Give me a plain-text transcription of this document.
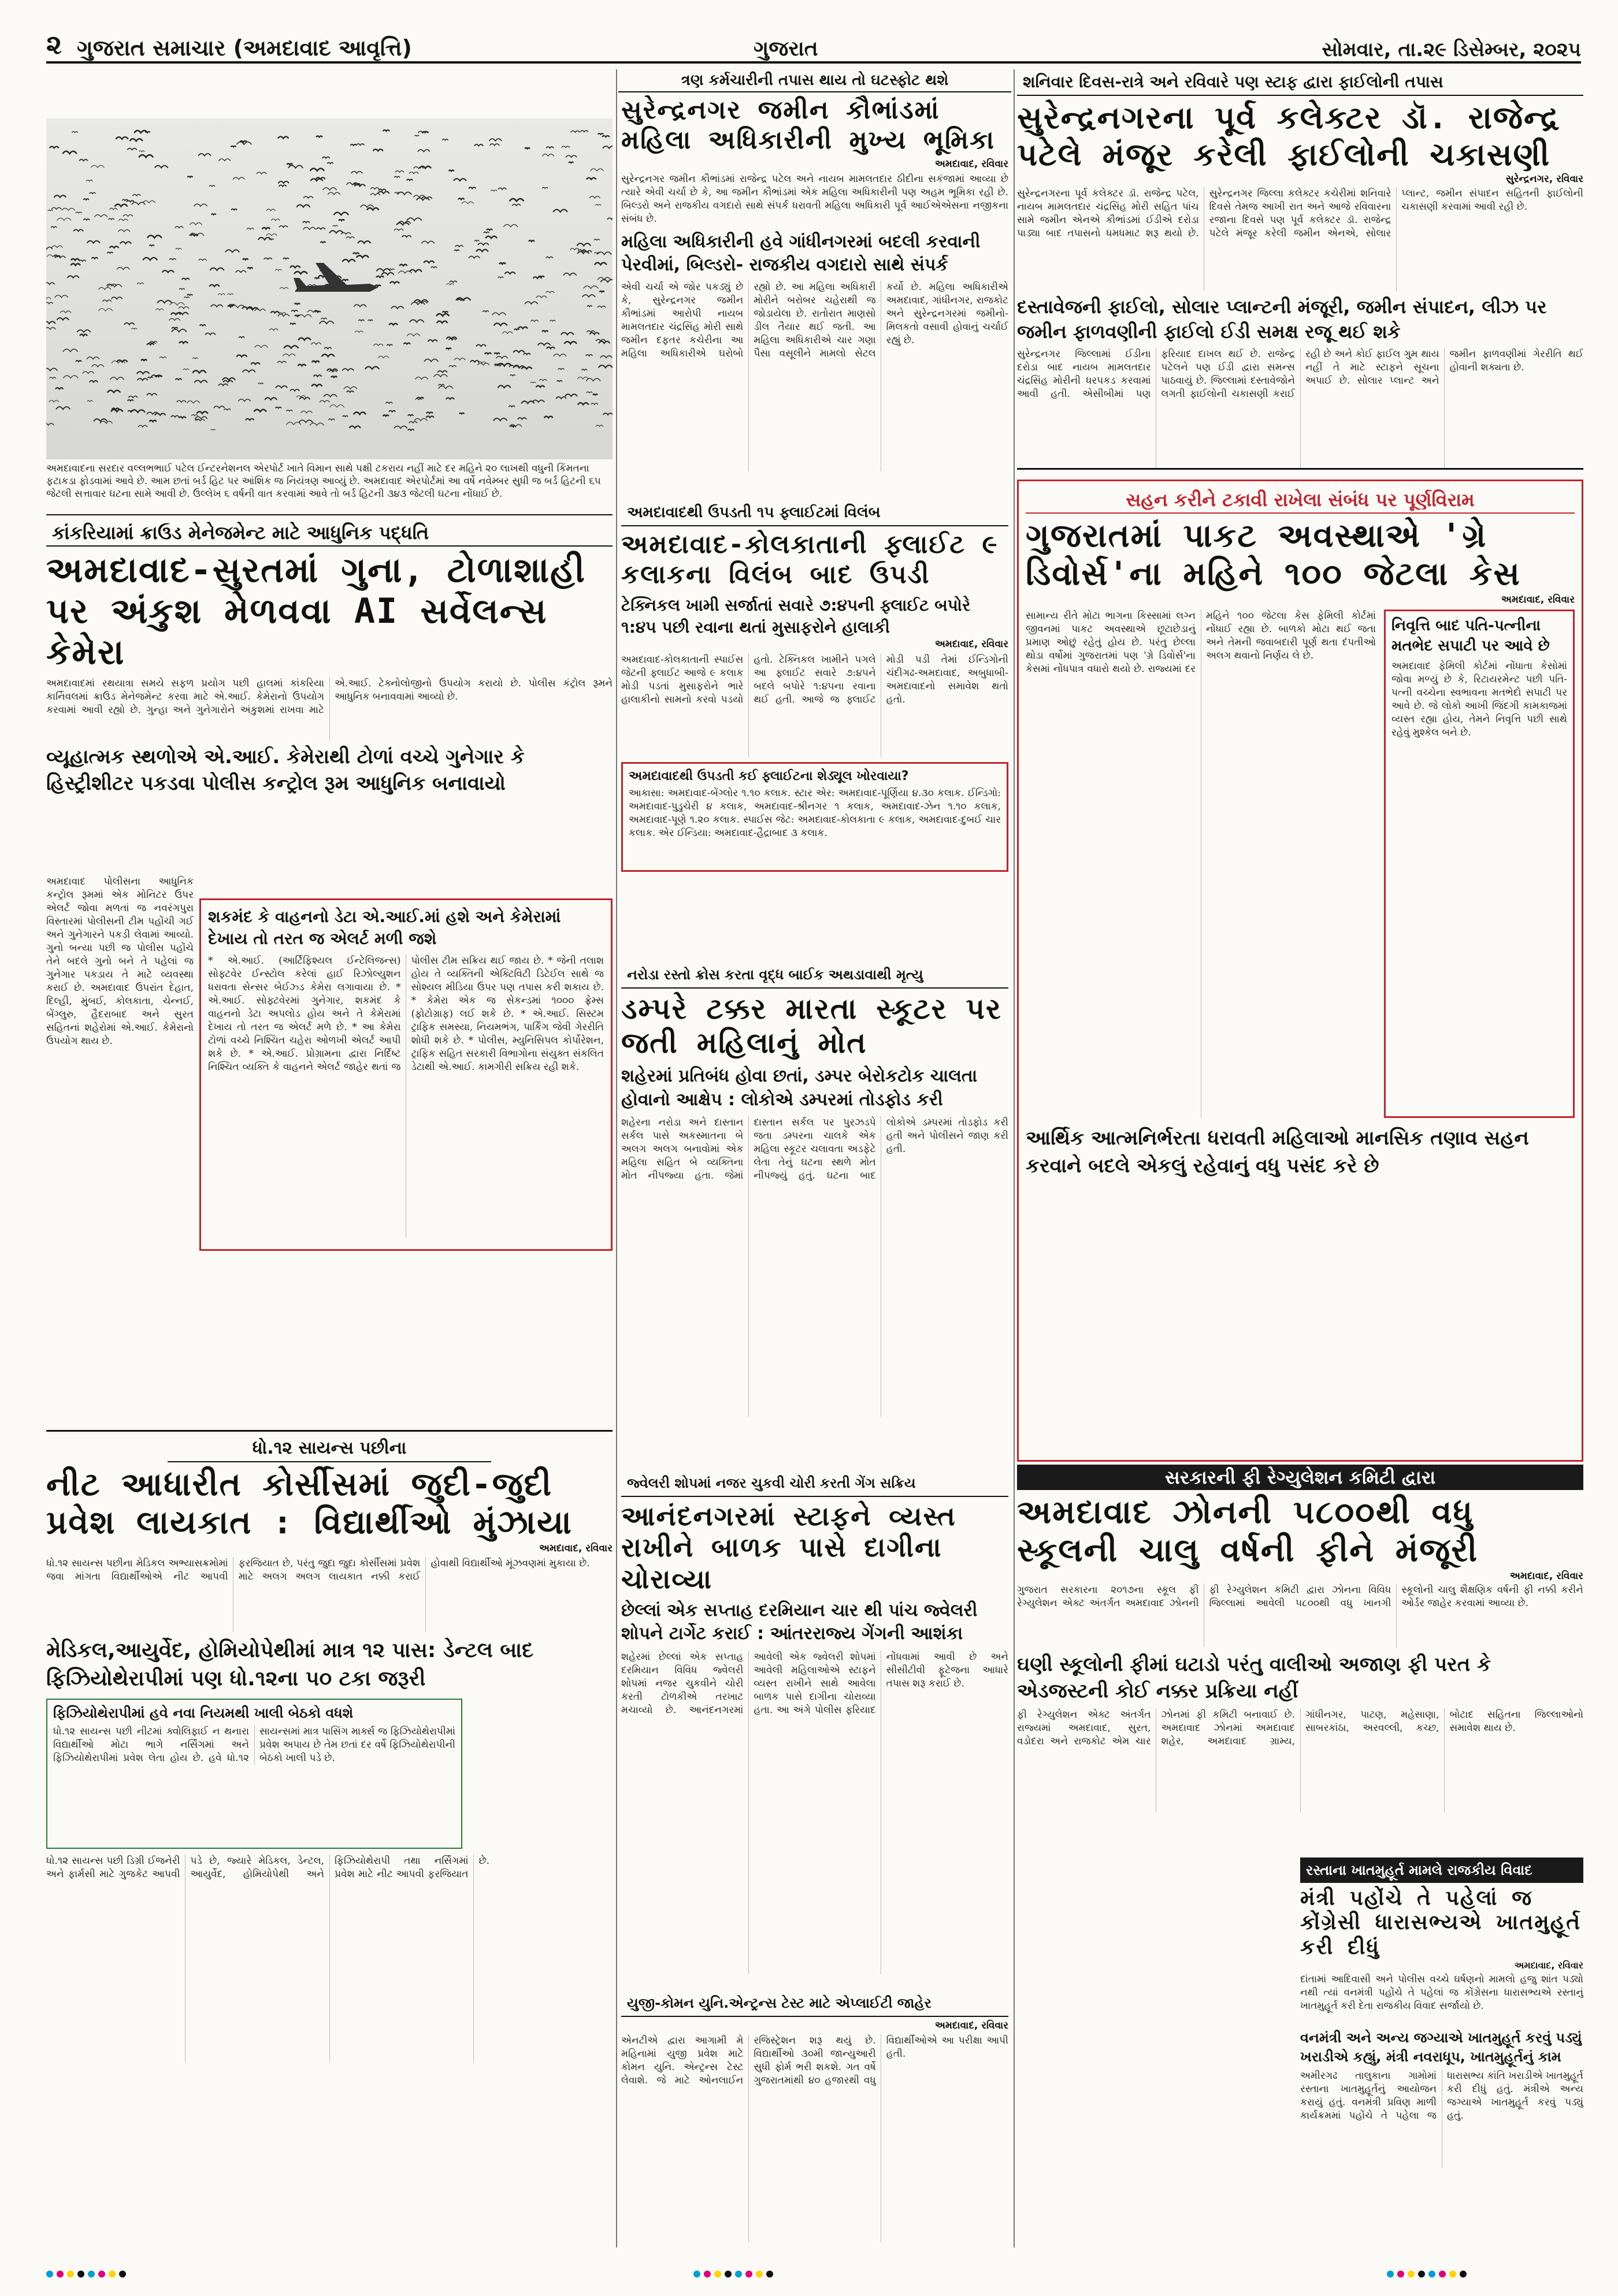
૨ ગુજરાત સમાચાર (અમદાવાદ આવૃત્તિ)	ગુજરાત	સોમવાર, તા.૨૯ ડિસેમ્બર, ૨૦૨૫
ત્રણ કર્મચારીની તપાસ થાય તો ઘટસ્ફોટ થશે
અમદાવાદના સરદાર વલ્લભભાઈ પટેલ ઈન્ટરનેશનલ એરપોર્ટ ખાતે વિમાન સાથે પક્ષી ટકરાય નહીં માટે દર મહિને ૨૦ લાખથી વધુની કિંમતના ફટાકડા ફોડવામાં આવે છે. આમ છતાં બર્ડ હિટ પર આંશિક જ નિયંત્રણ આવ્યું છે. અમદાવાદ એરપોર્ટમાં આ વર્ષે નવેમ્બર સુધી જ બર્ડ હિટની ૬૫ જેટલી સત્તાવાર ઘટના સામે આવી છે. ઉલ્લેખ ૬ વર્ષની વાત કરવામાં આવે તો બર્ડ હિટની ૩૪૩ જેટલી ઘટના નોંધાઈ છે.
સુરેન્દ્રનગર જમીન કૌભાંડમાં મહિલા અધિકારીની મુખ્ય ભૂમિકા
અમદાવાદ, રવિવાર
સુરેન્દ્રનગર જમીન કૌભાંડમાં રાજેન્દ્ર પટેલ અને નાયબ મામલતદાર ઠીદીના સકંજામાં આવ્યા છે ત્યારે એવી ચર્ચા છે કે, આ જમીન કૌભાંડમાં એક મહિલા અધિકારીની પણ અહમ ભૂમિકા રહી છે. બિલ્ડરો અને રાજકીય વગદારો સાથે સંપર્ક ધરાવતી મહિલા અધિકારી પૂર્વ આઈએએસના નજીકના સંબંધ છે.
મહિલા અધિકારીની હવે ગાંધીનગરમાં બદલી કરવાની પેરવીમાં, બિલ્ડરો- રાજકીય વગદારો સાથે સંપર્ક
એવી ચર્ચા એ જોર પકડ્યું છે કે, સુરેન્દ્રનગર જમીન કૌભાંડમાં આરોપી નાયબ મામલતદાર ચંદ્રસિંહ મોરી સાથે જમીન દફતર કચેરીના આ મહિલા અધિકારીએ ઘરોબો રહ્યો છે. આ મહિલા અધિકારી મોરીને બરોબર ચહેરાથી જ જોડાયેલા છે. રાતોરાત માણસો ડીલ તૈયાર થઈ જતી. આ મહિલા અધિકારીએ ચાર ગણા પૈસા વસૂલીને મામલો સેટલ કર્યો છે. મહિલા અધિકારીએ અમદાવાદ, ગાંધીનગર, રાજકોટ અને સુરેન્દ્રનગરમાં જમીનો-મિલકતો વસાવી હોવાનું ચર્ચાઈ રહ્યું છે.
શનિવાર દિવસ-રાત્રે અને રવિવારે પણ સ્ટાફ દ્વારા ફાઈલોની તપાસ
સુરેન્દ્રનગરના પૂર્વ કલેક્ટર ડૉ. રાજેન્દ્ર પટેલે મંજૂર કરેલી ફાઈલોની ચકાસણી
સુરેન્દ્રનગર, રવિવાર
સુરેન્દ્રનગરના પૂર્વ કલેક્ટર ડૉ. રાજેન્દ્ર પટેલ, નાયબ મામલતદાર ચંદ્રસિંહ મોરી સહિત પાંચ સામે જમીન એનએ કૌભાંડમાં ઈડીએ દરોડા પાડ્યા બાદ તપાસનો ધમધમાટ શરૂ થયો છે. સુરેન્દ્રનગર જિલ્લા કલેક્ટર કચેરીમાં શનિવારે દિવસે તેમજ આખી રાત અને આજે રવિવારના રજાના દિવસે પણ પૂર્વ કલેક્ટર ડૉ. રાજેન્દ્ર પટેલે મંજૂર કરેલી જમીન એનએ, સોલાર પ્લાન્ટ, જમીન સંપાદન સહિતની ફાઈલોની ચકાસણી કરવામાં આવી રહી છે.
દસ્તાવેજની ફાઈલો, સોલાર પ્લાન્ટની મંજૂરી, જમીન સંપાદન, લીઝ પર જમીન ફાળવણીની ફાઈલો ઈડી સમક્ષ રજૂ થઈ શકે
સુરેન્દ્રનગર જિલ્લામાં ઈડીના દરોડા બાદ નાયબ મામલતદાર ચંદ્રસિંહ મોરીની ધરપકડ કરવામાં આવી હતી. એસીબીમાં પણ ફરિયાદ દાખલ થઈ છે. રાજેન્દ્ર પટેલને પણ ઈડી દ્વારા સમન્સ પાઠવાયું છે. જિલ્લામાં દસ્તાવેજોને લગતી ફાઈલોની ચકાસણી કરાઈ રહી છે અને કોઈ ફાઈલ ગુમ થાય નહીં તે માટે સ્ટાફને સૂચના અપાઈ છે. સોલાર પ્લાન્ટ અને જમીન ફાળવણીમાં ગેરરીતિ થઈ હોવાની શક્યતા છે.
કાંકરિયામાં ક્રાઉડ મેનેજમેન્ટ માટે આધુનિક પદ્ધતિ
અમદાવાદ-સુરતમાં ગુના, ટોળાશાહી પર અંકુશ મેળવવા AI સર્વેલન્સ કેમેરા
અમદાવાદમાં રથયાત્રા સમયે સફળ પ્રયોગ પછી હાલમાં કાંકરિયા કાર્નિવલમાં ક્રાઉડ મેનેજમેન્ટ કરવા માટે એ.આઈ. કેમેરાનો ઉપયોગ કરવામાં આવી રહ્યો છે. ગુન્હા અને ગુનેગારોને અંકુશમાં રાખવા માટે એ.આઈ. ટેક્નોલોજીનો ઉપયોગ કરાયો છે. પોલીસ કંટ્રોલ રૂમને આધુનિક બનાવવામાં આવ્યો છે.
વ્યૂહાત્મક સ્થળોએ એ.આઈ. કેમેરાથી ટોળાં વચ્ચે ગુનેગાર કે હિસ્ટ્રીશીટર પકડવા પોલીસ કન્ટ્રોલ રૂમ આધુનિક બનાવાયો
અમદાવાદ પોલીસના આધુનિક કન્ટ્રોલ રૂમમાં એક મોનિટર ઉપર એલર્ટ જોવા મળતાં જ નવરંગપુરા વિસ્તારમાં પોલીસની ટીમ પહોંચી ગઈ અને ગુનેગારને પકડી લેવામાં આવ્યો. ગુનો બન્યા પછી જ પોલીસ પહોંચે તેને બદલે ગુનો બને તે પહેલાં જ ગુનેગાર પકડાય તે માટે વ્યવસ્થા કરાઈ છે. અમદાવાદ ઉપરાંત દેહાત, દિલ્હી, મુંબઈ, કોલકાતા, ચેન્નઈ, બેંગ્લુરુ, હૈદરાબાદ અને સુરત સહિતનાં શહેરોમાં એ.આઈ. કેમેરાનો ઉપયોગ થાય છે.
શકમંદ કે વાહનનો ડેટા એ.આઈ.માં હશે અને કેમેરામાં દેખાય તો તરત જ એલર્ટ મળી જશે
* એ.આઈ. (આર્ટિફિશ્યલ ઈન્ટેલિજન્સ) સોફ્ટવેર ઈન્સ્ટોલ કરેલાં હાઈ રિઝોલ્યુશન ધરાવતા સેન્સર બેઈઝ્ડ કેમેરા લગાવાયા છે. * એ.આઈ. સોફ્ટવેરમાં ગુનેગાર, શકમંદ કે વાહનનો ડેટા અપલોડ હોય અને તે કેમેરામાં દેખાય તો તરત જ એલર્ટ મળે છે. * આ કેમેરા ટોળાં વચ્ચે નિશ્ચિત ચહેરા ઓળખી એલર્ટ આપી શકે છે. * એ.આઈ. પ્રોગ્રામના દ્વારા નિર્દિષ્ટ નિશ્ચિત વ્યક્તિ કે વાહનને એલર્ટ જાહેર થતાં જ પોલીસ ટીમ સક્રિય થઈ જાય છે. * જેની તલાશ હોય તે વ્યક્તિની એક્ટિવિટી ડિટેઈલ સાથે જ સોશ્યલ મીડિયા ઉપર પણ તપાસ કરી શકાય છે. * કેમેરા એક જ સેકન્ડમાં ૧૦૦૦ ફ્રેમ્સ (ફોટોગ્રાફ) લઈ શકે છે. * એ.આઈ. સિસ્ટમ ટ્રાફિક સમસ્યા, નિયમભંગ, પાર્કિંગ જેવી ગેરરીતિ શોધી શકે છે. * પોલીસ, મ્યુનિસિપલ કોર્પોરેશન, ટ્રાફિક સહિત સરકારી વિભાગોના સંયુક્ત સંકલિત ડેટાથી એ.આઈ. કામગીરી સક્રિય રહી શકે.
અમદાવાદથી ઉપડતી ૧૫ ફ્લાઈટમાં વિલંબ
અમદાવાદ-કોલકાતાની ફ્લાઈટ ૯ કલાકના વિલંબ બાદ ઉપડી
ટેક્નિકલ ખામી સર્જાતાં સવારે ૭:૪૫ની ફ્લાઈટ બપોરે ૧:૪૫ પછી રવાના થતાં મુસાફરોને હાલાકી
અમદાવાદ, રવિવાર
અમદાવાદ-કોલકાતાની સ્પાઈસ જેટની ફ્લાઈટ આજે ૯ કલાક મોડી પડતાં મુસાફરોને ભારે હાલાકીનો સામનો કરવો પડયો હતો. ટેક્નિકલ ખામીને પગલે આ ફ્લાઈટ સવારે ૭:૪૫ને બદલે બપોરે ૧:૪૫ના રવાના થઈ હતી. આજે જ ફ્લાઈટ મોડી પડી તેમાં ઈન્ડિગોની ચંદીગઢ-અમદાવાદ, અબુધાબી-અમદાવાદનો સમાવેશ થતો હતો.
અમદાવાદથી ઉપડતી કઈ ફ્લાઈટના શેડ્યૂલ ખોરવાયા?
આકાસા: અમદાવાદ-બેંગ્લોર ૧.૧૦ કલાક. સ્ટાર એર: અમદાવાદ-પૂર્ણિયા ૪.૩૦ કલાક. ઈન્ડિગો: અમદાવાદ-પુડુચેરી ૪ કલાક, અમદાવાદ-શ્રીનગર ૧ કલાક, અમદાવાદ-ઝેન ૧.૧૦ કલાક, અમદાવાદ-પૂણે ૧.૨૦ કલાક. સ્પાઈસ જેટ: અમદાવાદ-કોલકાતા ૯ કલાક, અમદાવાદ-દુબઈ ચાર કલાક. એર ઈન્ડિયા: અમદાવાદ-હૈદ્રાબાદ ૩ કલાક.
નરોડા રસ્તો ક્રોસ કરતા વૃદ્ધ બાઈક અથડાવાથી મૃત્યુ
ડમ્પરે ટક્કર મારતા સ્કૂટર પર જતી મહિલાનું મોત
શહેરમાં પ્રતિબંધ હોવા છતાં, ડમ્પર બેરોકટોક ચાલતા હોવાનો આક્ષેપ : લોકોએ ડમ્પરમાં તોડફોડ કરી
શહેરના નરોડા અને દાસ્તાન સર્કલ પાસે અકસ્માતના બે અલગ અલગ બનાવોમાં એક મહિલા સહિત બે વ્યક્તિના મોત નીપજ્યા હતા. જેમાં દાસ્તાન સર્કલ પર પુરઝડપે જતા ડમ્પરના ચાલકે એક મહિલા સ્કૂટર ચલાવતા અડફેટે લેતા તેનું ઘટના સ્થળે મોત નીપજ્યું હતું. ઘટના બાદ લોકોએ ડમ્પરમાં તોડફોડ કરી હતી અને પોલીસને જાણ કરી હતી.
જ્વેલરી શોપમાં નજર ચુકવી ચોરી કરતી ગેંગ સક્રિય
આનંદનગરમાં સ્ટાફને વ્યસ્ત રાખીને બાળક પાસે દાગીના ચોરાવ્યા
છેલ્લાં એક સપ્તાહ દરમિયાન ચાર થી પાંચ જ્વેલરી શોપને ટાર્ગેટ કરાઈ : આંતરરાજ્ય ગેંગની આશંકા
શહેરમાં છેલ્લાં એક સપ્તાહ દરમિયાન વિવિધ જ્વેલરી શોપમાં નજર ચુકવીને ચોરી કરતી ટોળકીએ તરખાટ મચાવ્યો છે. આનંદનગરમાં આવેલી એક જ્વેલરી શોપમાં આવેલી મહિલાઓએ સ્ટાફને વ્યસ્ત રાખીને સાથે આવેલા બાળક પાસે દાગીના ચોરાવ્યા હતા. આ અંગે પોલીસ ફરિયાદ નોંધવામાં આવી છે અને સીસીટીવી ફૂટેજના આધારે તપાસ શરૂ કરાઈ છે.
યુજી-કોમન યુનિ.એન્ટ્રન્સ ટેસ્ટ માટે એપ્લાઈટી જાહેર
અમદાવાદ, રવિવાર
એનટીએ દ્વારા આગામી મે મહિનામાં યુજી પ્રવેશ માટે કોમન યુનિ. એન્ટ્રન્સ ટેસ્ટ લેવાશે. જે માટે ઓનલાઈન રજિસ્ટ્રેશન શરૂ થયું છે. વિદ્યાર્થીઓ ૩૦મી જાન્યુઆરી સુધી ફોર્મ ભરી શકશે. ગત વર્ષે ગુજરાતમાંથી ૪૦ હજારથી વધુ વિદ્યાર્થીઓએ આ પરીક્ષા આપી હતી.
ધો.૧૨ સાયન્સ પછીના
નીટ આધારીત કોર્સીસમાં જુદી-જુદી પ્રવેશ લાયકાત : વિદ્યાર્થીઓ મુંઝાયા
અમદાવાદ, રવિવાર
ધો.૧૨ સાયન્સ પછીના મેડિકલ અભ્યાસક્રમોમાં જવા માંગતા વિદ્યાર્થીઓએ નીટ આપવી ફરજિયાત છે, પરંતુ જુદા જુદા કોર્સીસમાં પ્રવેશ માટે અલગ અલગ લાયકાત નક્કી કરાઈ હોવાથી વિદ્યાર્થીઓ મૂંઝવણમાં મુકાયા છે.
મેડિકલ,આયુર્વેદ, હોમિયોપેથીમાં માત્ર ૧૨ પાસ: ડેન્ટલ બાદ ફિઝિયોથેરાપીમાં પણ ધો.૧૨ના ૫૦ ટકા જરૂરી
ફિઝિયોથેરાપીમાં હવે નવા નિયમથી ખાલી બેઠકો વધશે
ધો.૧૨ સાયન્સ પછી નીટમાં ક્વોલિફાઈ ન થનારા વિદ્યાર્થીઓ મોટા ભાગે નર્સિંગમાં અને ફિઝિયોથેરાપીમાં પ્રવેશ લેતા હોય છે. હવે ધો.૧૨ સાયન્સમાં માત્ર પાસિંગ માર્ક્સ જ ફિઝિયોથેરાપીમાં પ્રવેશ અપાય છે તેમ છતાં દર વર્ષે ફિઝિયોથેરાપીની બેઠકો ખાલી પડે છે.
ધો.૧૨ સાયન્સ પછી ડિગ્રી ઈજનેરી અને ફાર્મસી માટે ગુજકેટ આપવી પડે છે, જ્યારે મેડિકલ, ડેન્ટલ, આયુર્વેદ, હોમિયોપેથી અને ફિઝિયોથેરાપી તથા નર્સિંગમાં પ્રવેશ માટે નીટ આપવી ફરજિયાત છે.
સહન કરીને ટકાવી રાખેલા સંબંધ પર પૂર્ણવિરામ
ગુજરાતમાં પાકટ અવસ્થાએ 'ગ્રે ડિવોર્સ'ના મહિને ૧૦૦ જેટલા કેસ
અમદાવાદ, રવિવાર
સામાન્ય રીતે મોટા ભાગના કિસ્સામાં લગ્ન જીવનમાં પાકટ અવસ્થાએ છૂટાછેડાનું પ્રમાણ ઓછું રહેતું હોય છે. પરંતુ છેલ્લા થોડા વર્ષોમાં ગુજરાતમાં પણ 'ગ્રે ડિવોર્સ'ના કેસમાં નોંધપાત્ર વધારો થયો છે. રાજ્યમાં દર મહિને ૧૦૦ જેટલા કેસ ફેમિલી કોર્ટમાં નોંધાઈ રહ્યા છે. બાળકો મોટા થઈ જતા અને તેમની જવાબદારી પૂર્ણ થતા દંપતીઓ અલગ થવાનો નિર્ણય લે છે.
નિવૃત્તિ બાદ પતિ-પત્નીના મતભેદ સપાટી પર આવે છે
અમદાવાદ ફેમિલી કોર્ટમાં નોંધાતા કેસોમાં જોવા મળ્યું છે કે, રિટાયરમેન્ટ પછી પતિ-પત્ની વચ્ચેના સ્વભાવના મતભેદો સપાટી પર આવે છે. જે લોકો આખી જિંદગી કામકાજમાં વ્યસ્ત રહ્યા હોય, તેમને નિવૃત્તિ પછી સાથે રહેવું મુશ્કેલ બને છે.
આર્થિક આત્મનિર્ભરતા ધરાવતી મહિલાઓ માનસિક તણાવ સહન કરવાને બદલે એકલું રહેવાનું વધુ પસંદ કરે છે
સરકારની ફી રેગ્યુલેશન કમિટી દ્વારા
અમદાવાદ ઝોનની ૫૮૦૦થી વધુ સ્કૂલની ચાલુ વર્ષની ફીને મંજૂરી
અમદાવાદ, રવિવાર
ગુજરાત સરકારના ૨૦૧૭ના સ્કૂલ ફી રેગ્યુલેશન એક્ટ અંતર્ગત અમદાવાદ ઝોનની ફી રેગ્યુલેશન કમિટી દ્વારા ઝોનના વિવિધ જિલ્લામાં આવેલી ૫૮૦૦થી વધુ ખાનગી સ્કૂલોની ચાલુ શૈક્ષણિક વર્ષની ફી નક્કી કરીને ઓર્ડર જાહેર કરવામાં આવ્યા છે.
ઘણી સ્કૂલોની ફીમાં ઘટાડો પરંતુ વાલીઓ અજાણ ફી પરત કે એડજસ્ટની કોઈ નક્કર પ્રક્રિયા નહીં
ફી રેગ્યુલેશન એક્ટ અંતર્ગત રાજ્યમાં અમદાવાદ, સુરત, વડોદરા અને રાજકોટ એમ ચાર ઝોનમાં ફી કમિટી બનાવાઈ છે. અમદાવાદ ઝોનમાં અમદાવાદ શહેર, અમદાવાદ ગ્રામ્ય, ગાંધીનગર, પાટણ, મહેસાણા, સાબરકાંઠા, અરવલ્લી, કચ્છ, બોટાદ સહિતના જિલ્લાઓનો સમાવેશ થાય છે.
રસ્તાના ખાતમુહૂર્ત મામલે રાજકીય વિવાદ
મંત્રી પહોંચે તે પહેલાં જ કોંગ્રેસી ધારાસભ્યએ ખાતમુહૂર્ત કરી દીધું
અમદાવાદ, રવિવાર
દાંતામાં આદિવાસી અને પોલીસ વચ્ચે ઘર્ષણનો મામલો હજુ શાંત પડ્યો નથી ત્યાં વનમંત્રી પહોંચે તે પહેલાં જ કોંગ્રેસના ધારાસભ્યએ રસ્તાનું ખાતમુહૂર્ત કરી દેતા રાજકીય વિવાદ સર્જાયો છે.
વનમંત્રી અને અન્ય જગ્યાએ ખાતમુહૂર્ત કરવું પડ્યું ખરાડીએ કહ્યું, મંત્રી નવરાધૂપ, ખાતમુહૂર્તનું કામ
અમીરગઢ તાલુકાના ગામોમાં રસ્તાના ખાતમુહૂર્તનું આયોજન કરાયું હતું. વનમંત્રી પ્રવિણ માળી કાર્યક્રમમાં પહોંચે તે પહેલા જ ધારાસભ્ય કાંતિ ખરાડીએ ખાતમુહૂર્ત કરી દીધું હતું. મંત્રીએ અન્ય જગ્યાએ ખાતમુહૂર્ત કરવું પડ્યું હતું.
